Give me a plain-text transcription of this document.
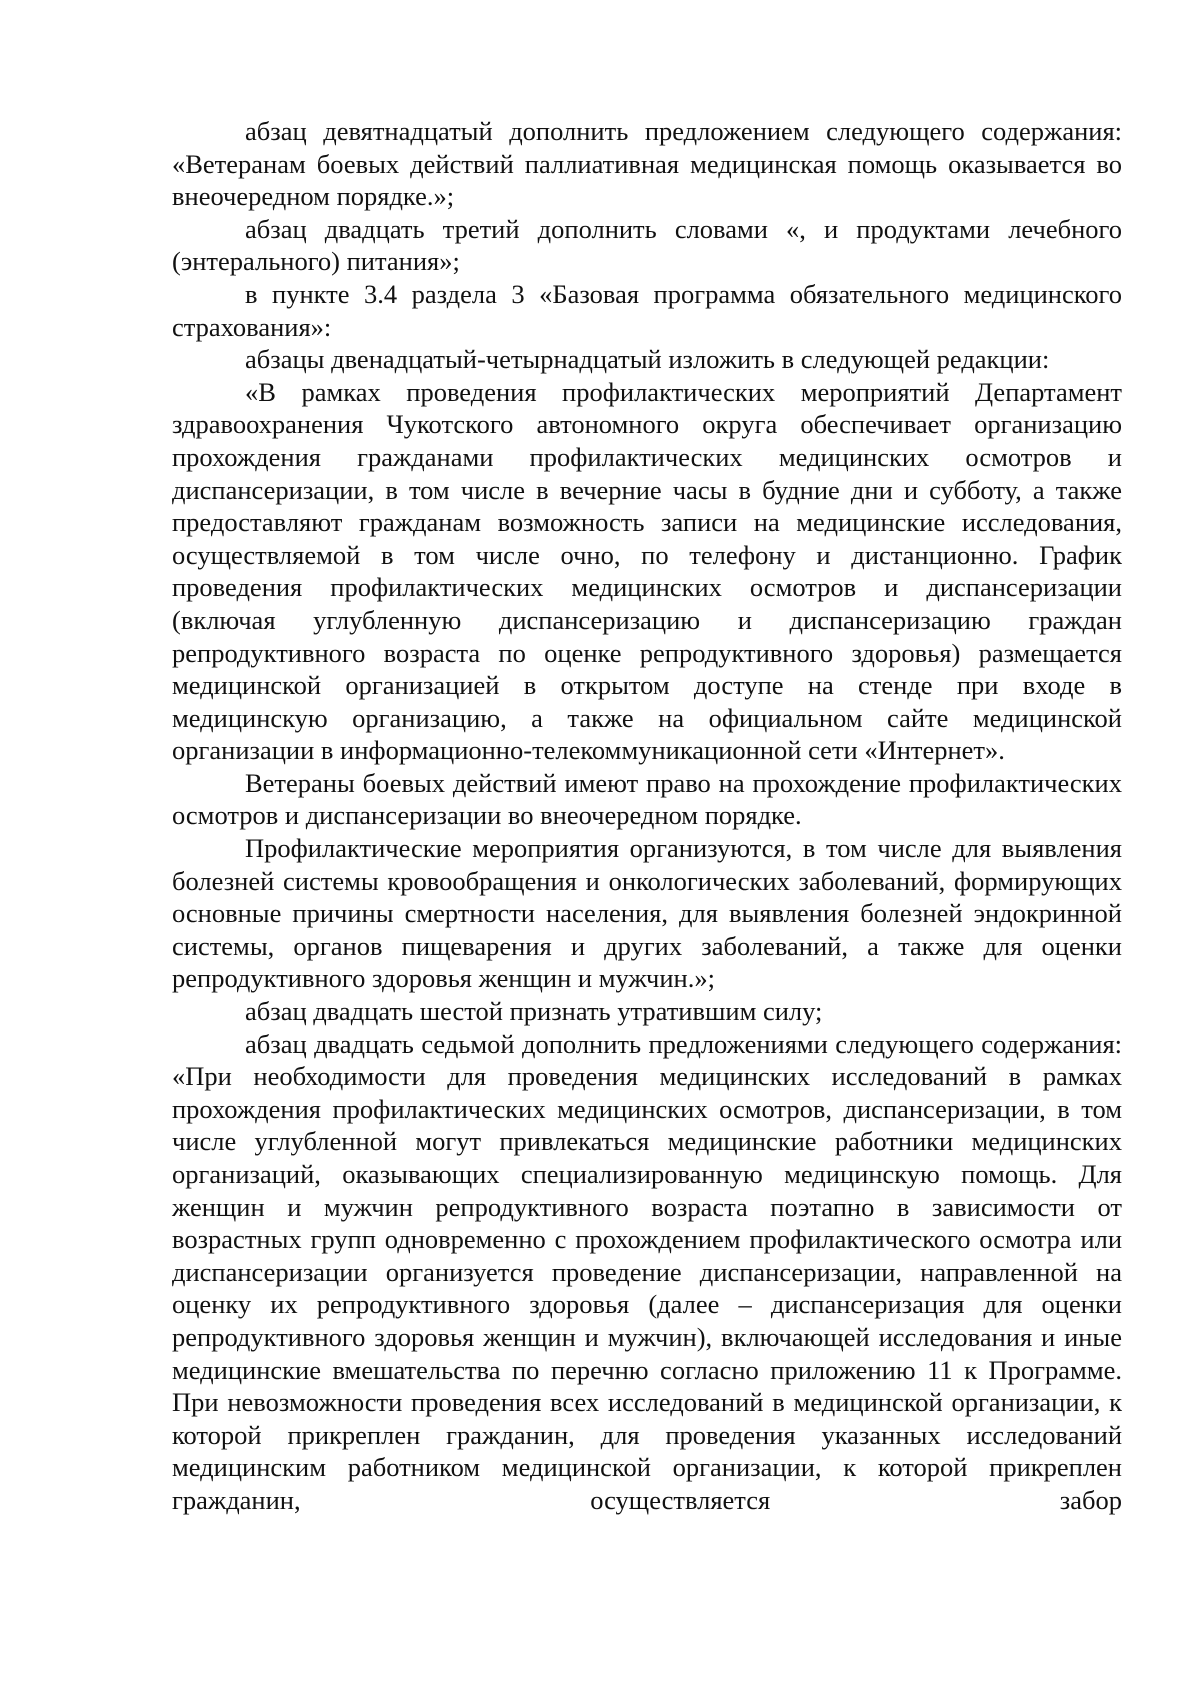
абзац девятнадцатый дополнить предложением следующего содержания: «Ветеранам боевых действий паллиативная медицинская помощь оказывается во внеочередном порядке.»;

абзац двадцать третий дополнить словами «, и продуктами лечебного (энтерального) питания»;

в пункте 3.4 раздела 3 «Базовая программа обязательного медицинского страхования»:

абзацы двенадцатый-четырнадцатый изложить в следующей редакции:

«В рамках проведения профилактических мероприятий Департамент здравоохранения Чукотского автономного округа обеспечивает организацию прохождения гражданами профилактических медицинских осмотров и диспансеризации, в том числе в вечерние часы в будние дни и субботу, а также предоставляют гражданам возможность записи на медицинские исследования, осуществляемой в том числе очно, по телефону и дистанционно. График проведения профилактических медицинских осмотров и диспансеризации (включая углубленную диспансеризацию и диспансеризацию граждан репродуктивного возраста по оценке репродуктивного здоровья) размещается медицинской организацией в открытом доступе на стенде при входе в медицинскую организацию, а также на официальном сайте медицинской организации в информационно-телекоммуникационной сети «Интернет».

Ветераны боевых действий имеют право на прохождение профилактических осмотров и диспансеризации во внеочередном порядке.

Профилактические мероприятия организуются, в том числе для выявления болезней системы кровообращения и онкологических заболеваний, формирующих основные причины смертности населения, для выявления болезней эндокринной системы, органов пищеварения и других заболеваний, а также для оценки репродуктивного здоровья женщин и мужчин.»;

абзац двадцать шестой признать утратившим силу;

абзац двадцать седьмой дополнить предложениями следующего содержания: «При необходимости для проведения медицинских исследований в рамках прохождения профилактических медицинских осмотров, диспансеризации, в том числе углубленной могут привлекаться медицинские работники медицинских организаций, оказывающих специализированную медицинскую помощь. Для женщин и мужчин репродуктивного возраста поэтапно в зависимости от возрастных групп одновременно с прохождением профилактического осмотра или диспансеризации организуется проведение диспансеризации, направленной на оценку их репродуктивного здоровья (далее – диспансеризация для оценки репродуктивного здоровья женщин и мужчин), включающей исследования и иные медицинские вмешательства по перечню согласно приложению 11 к Программе. При невозможности проведения всех исследований в медицинской организации, к которой прикреплен гражданин, для проведения указанных исследований медицинским работником медицинской организации, к которой прикреплен гражданин, осуществляется забор
